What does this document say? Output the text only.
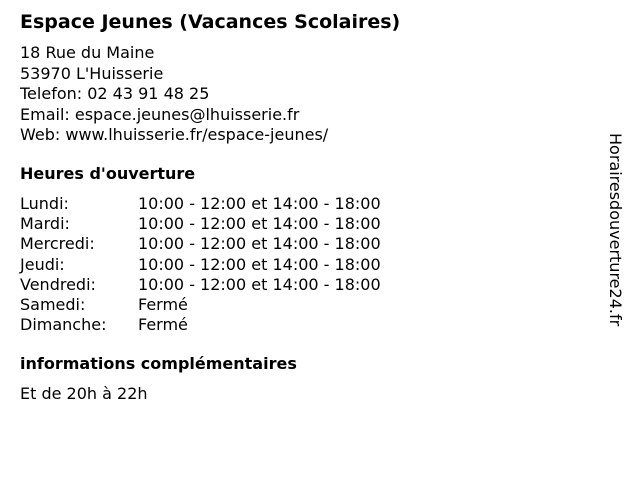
Espace Jeunes (Vacances Scolaires)
18 Rue du Maine
53970 L'Huisserie
Telefon: 02 43 91 48 25
Email: espace.jeunes@lhuisserie.fr
Web: www.lhuisserie.fr/espace-jeunes/
Heures d'ouverture
Lundi:	10:00 - 12:00 et 14:00 - 18:00
Mardi:	10:00 - 12:00 et 14:00 - 18:00
Mercredi:	10:00 - 12:00 et 14:00 - 18:00
Jeudi:	10:00 - 12:00 et 14:00 - 18:00
Vendredi:	10:00 - 12:00 et 14:00 - 18:00
Samedi:	Fermé
Dimanche:	Fermé
informations complémentaires
Et de 20h à 22h
Horairesdouverture24.fr
